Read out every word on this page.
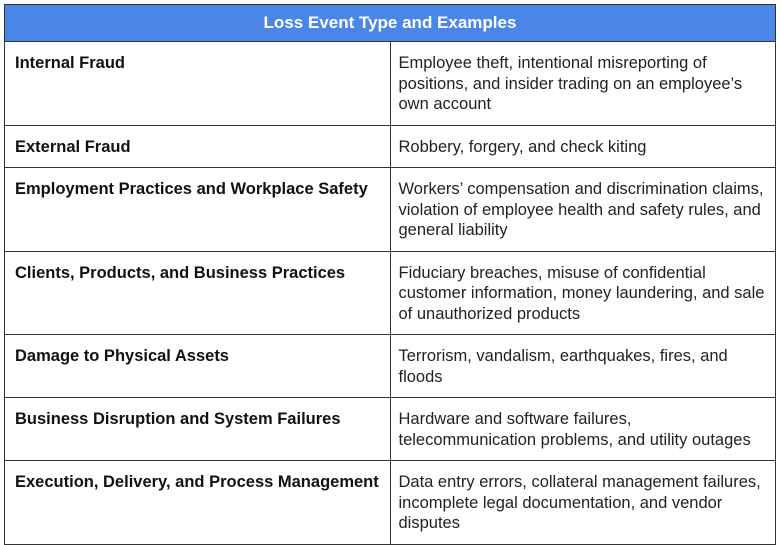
Loss Event Type and Examples	
Internal Fraud	Employee theft, intentional misreporting of positions, and insider trading on an employee’s own account
External Fraud	Robbery, forgery, and check kiting
Employment Practices and Workplace Safety	Workers’ compensation and discrimination claims, violation of employee health and safety rules, and general liability
Clients, Products, and Business Practices	Fiduciary breaches, misuse of confidential customer information, money laundering, and sale of unauthorized products
Damage to Physical Assets	Terrorism, vandalism, earthquakes, fires, and floods
Business Disruption and System Failures	Hardware and software failures, telecommunication problems, and utility outages
Execution, Delivery, and Process Management	Data entry errors, collateral management failures, incomplete legal documentation, and vendor disputes
